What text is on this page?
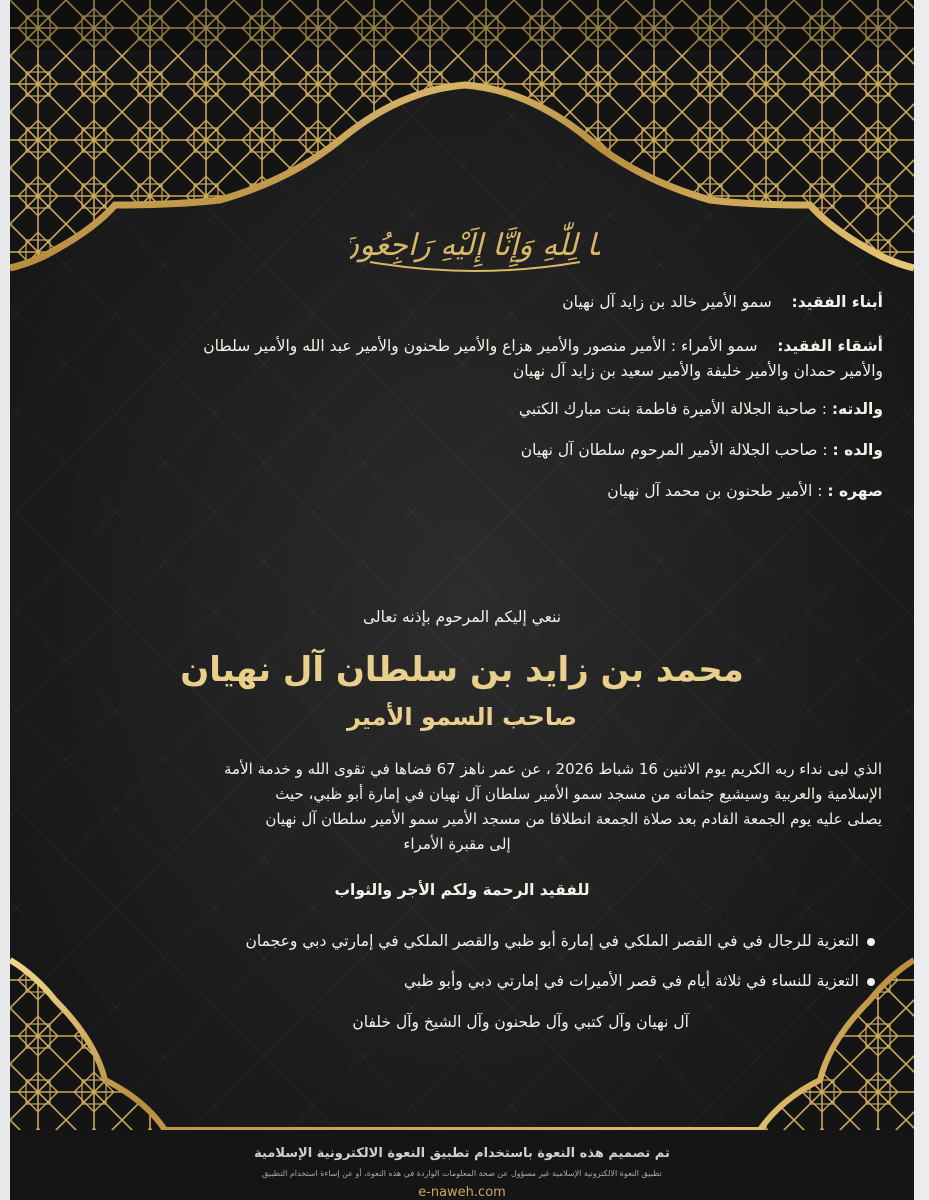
إِنَّا لِلّٰهِ وَإِنَّا إِلَيْهِ رَاجِعُونَ
أبناء الفقيد:    سمو الأمير خالد بن زايد آل نهيان
أشقاء الفقيد:    سمو الأمراء : الأمير منصور والأمير هزاع والأمير طحنون والأمير عبد الله والأمير سلطان
والأمير حمدان والأمير خليفة والأمير سعيد بن زايد آل نهيان
والدته: : صاحبة الجلالة الأميرة فاطمة بنت مبارك الكتبي
والده : : صاحب الجلالة الأمير المرحوم سلطان آل نهيان
صهره : : الأمير طحنون بن محمد آل نهيان
ننعي إليكم المرحوم بإذنه تعالى
محمد بن زايد بن سلطان آل نهيان
صاحب السمو الأمير
الذي لبى نداء ربه الكريم يوم الاثنين 16 شباط 2026 ، عن عمر ناهز 67 قضاها في تقوى الله و خدمة الأمة
الإسلامية والعربية وسيشيع جثمانه من مسجد سمو الأمير سلطان آل نهيان في إمارة أبو ظبي، حيث
يصلى عليه يوم الجمعة القادم بعد صلاة الجمعة انطلاقا من مسجد الأمير سمو الأمير سلطان آل نهيان
إلى مقبرة الأمراء
للفقيد الرحمة ولكم الأجر والثواب
التعزية للرجال في في القصر الملكي في إمارة أبو ظبي والقصر الملكي في إمارتي دبي وعجمان
التعزية للنساء في ثلاثة أيام في قصر الأميرات في إمارتي دبي وأبو ظبي
آل نهيان وآل كتبي وآل طحنون وآل الشيخ وآل خلفان
تم تصميم هذه النعوة باستخدام تطبيق النعوة الالكترونية الإسلامية
تطبيق النعوة الالكترونية الإسلامية غير مسؤول عن صحة المعلومات الواردة في هذه النعوة، أو عن إساءة استخدام التطبيق
e-naweh.com
